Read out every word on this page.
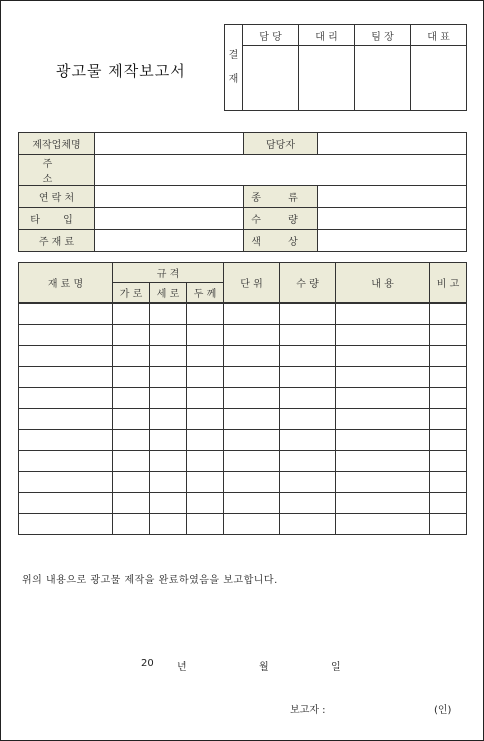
광고물 제작보고서
결 재	담 당	대 리	팀 장	대 표

제작업체명		담당자	
주 소			
연 락 처		종 류	
타 입		수 량	
주 재 료		색 상	
재 료 명	규 격			단 위	수 량	내 용	비 고
	가 로	세 로	두 께				

위의 내용으로 광고물 제작을 완료하였음을 보고합니다.
20 년	월	일
보고자 :	(인)
